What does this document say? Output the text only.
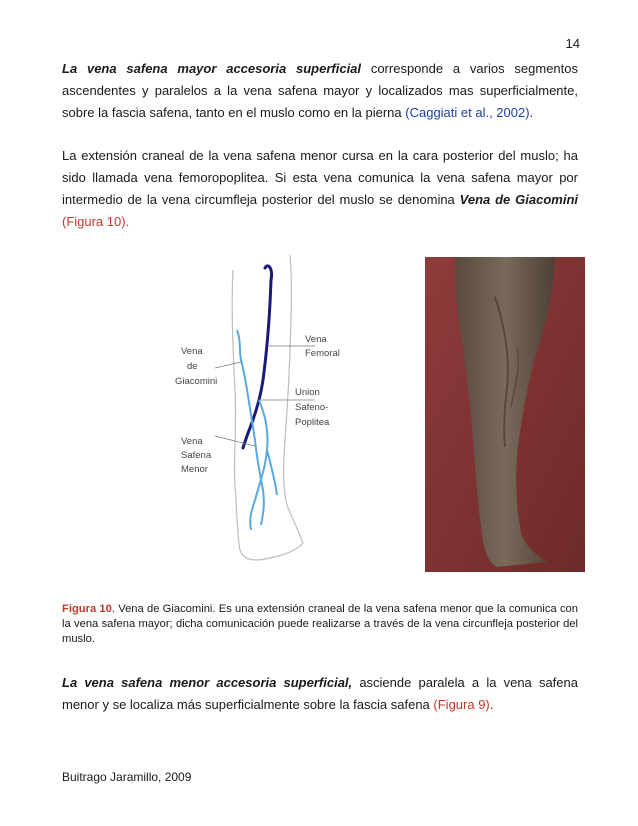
14

La vena safena mayor accesoria superficial corresponde a varios segmentos ascendentes y paralelos a la vena safena mayor y localizados mas superficialmente, sobre la fascia safena, tanto en el muslo como en la pierna (Caggiati et al., 2002).

La extensión craneal de la vena safena menor cursa en la cara posterior del muslo; ha sido llamada vena femoropoplitea. Si esta vena comunica la vena safena mayor por intermedio de la vena circumfleja posterior del muslo se denomina Vena de Giacomini (Figura 10).

Vena
de
Giacomini
Vena
Femoral
Union
Safeno-
Poplitea
Vena
Safena
Menor

Figura 10. Vena de Giacomini. Es una extensión craneal de la vena safena menor que la comunica con la vena safena mayor; dicha comunicación puede realizarse a través de la vena circunfleja posterior del muslo.

La vena safena menor accesoria superficial, asciende paralela a la vena safena menor y se localiza más superficialmente sobre la fascia safena (Figura 9).

Buitrago Jaramillo, 2009
